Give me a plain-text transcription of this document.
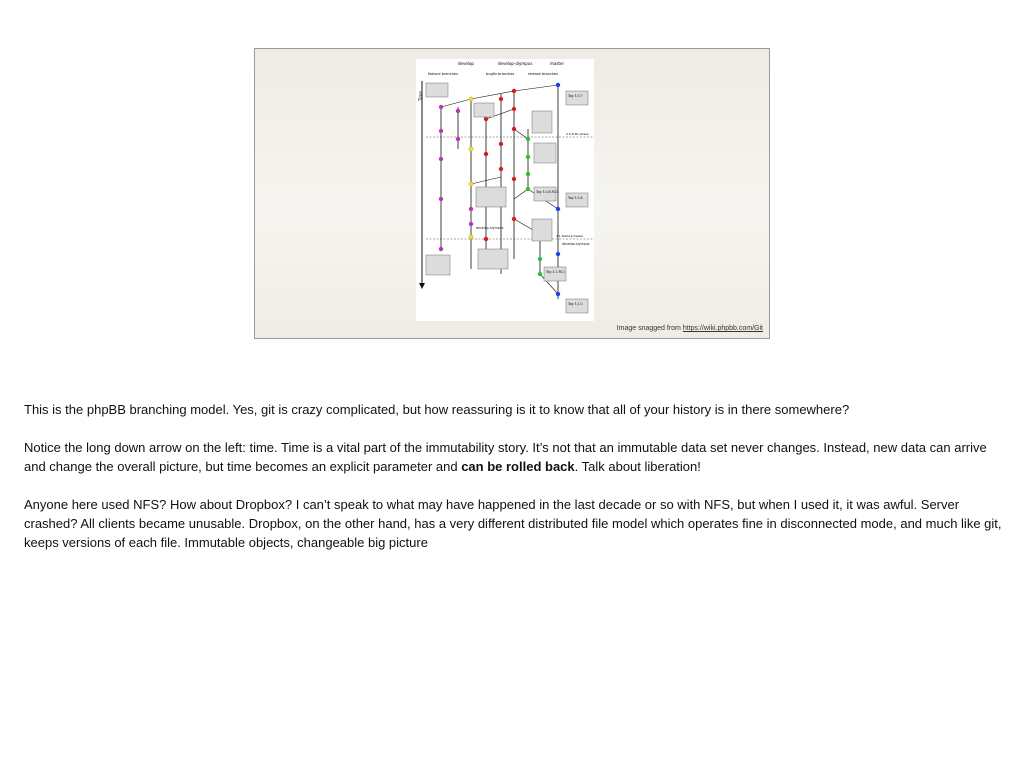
develop	develop-olympus	master
feature branches	bugfix branches	release branches
Time
3.0.8 RC phase
3.1 feature freeze
Tag 3.0.7
Tag 3.0.8-RC1
Tag 3.0.8
Tag 3.1-RC1
Tag 3.1.0
develop-olympus
develop-olympus
Image snagged from https://wiki.phpbb.com/Git

This is the phpBB branching model. Yes, git is crazy complicated, but how reassuring is it to know that all of your history is in there somewhere?

Notice the long down arrow on the left: time. Time is a vital part of the immutability story. It’s not that an immutable data set never changes. Instead, new data can arrive and change the overall picture, but time becomes an explicit parameter and can be rolled back. Talk about liberation!

Anyone here used NFS? How about Dropbox? I can’t speak to what may have happened in the last decade or so with NFS, but when I used it, it was awful. Server crashed? All clients became unusable. Dropbox, on the other hand, has a very different distributed file model which operates fine in disconnected mode, and much like git, keeps versions of each file. Immutable objects, changeable big picture
